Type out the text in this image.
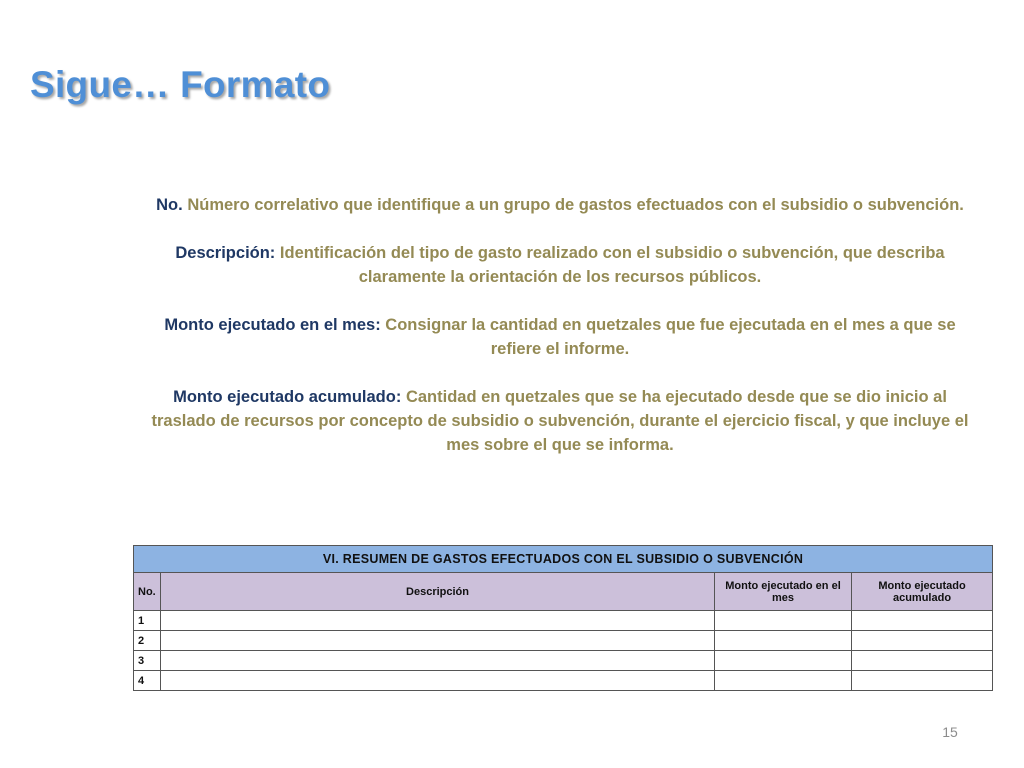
Sigue… Formato

No. Número correlativo que identifique a un grupo de gastos efectuados con el subsidio o subvención.

Descripción: Identificación del tipo de gasto realizado con el subsidio o subvención, que describa claramente la orientación de los recursos públicos.

Monto ejecutado en el mes: Consignar la cantidad en quetzales que fue ejecutada en el mes a que se refiere el informe.

Monto ejecutado acumulado: Cantidad en quetzales que se ha ejecutado desde que se dio inicio al traslado de recursos por concepto de subsidio o subvención, durante el ejercicio fiscal, y que incluye el mes sobre el que se informa.

VI. RESUMEN DE GASTOS EFECTUADOS CON EL SUBSIDIO O SUBVENCIÓN			
No.	Descripción	Monto ejecutado en el mes	Monto ejecutado acumulado
1			
2			
3			
4			
15
